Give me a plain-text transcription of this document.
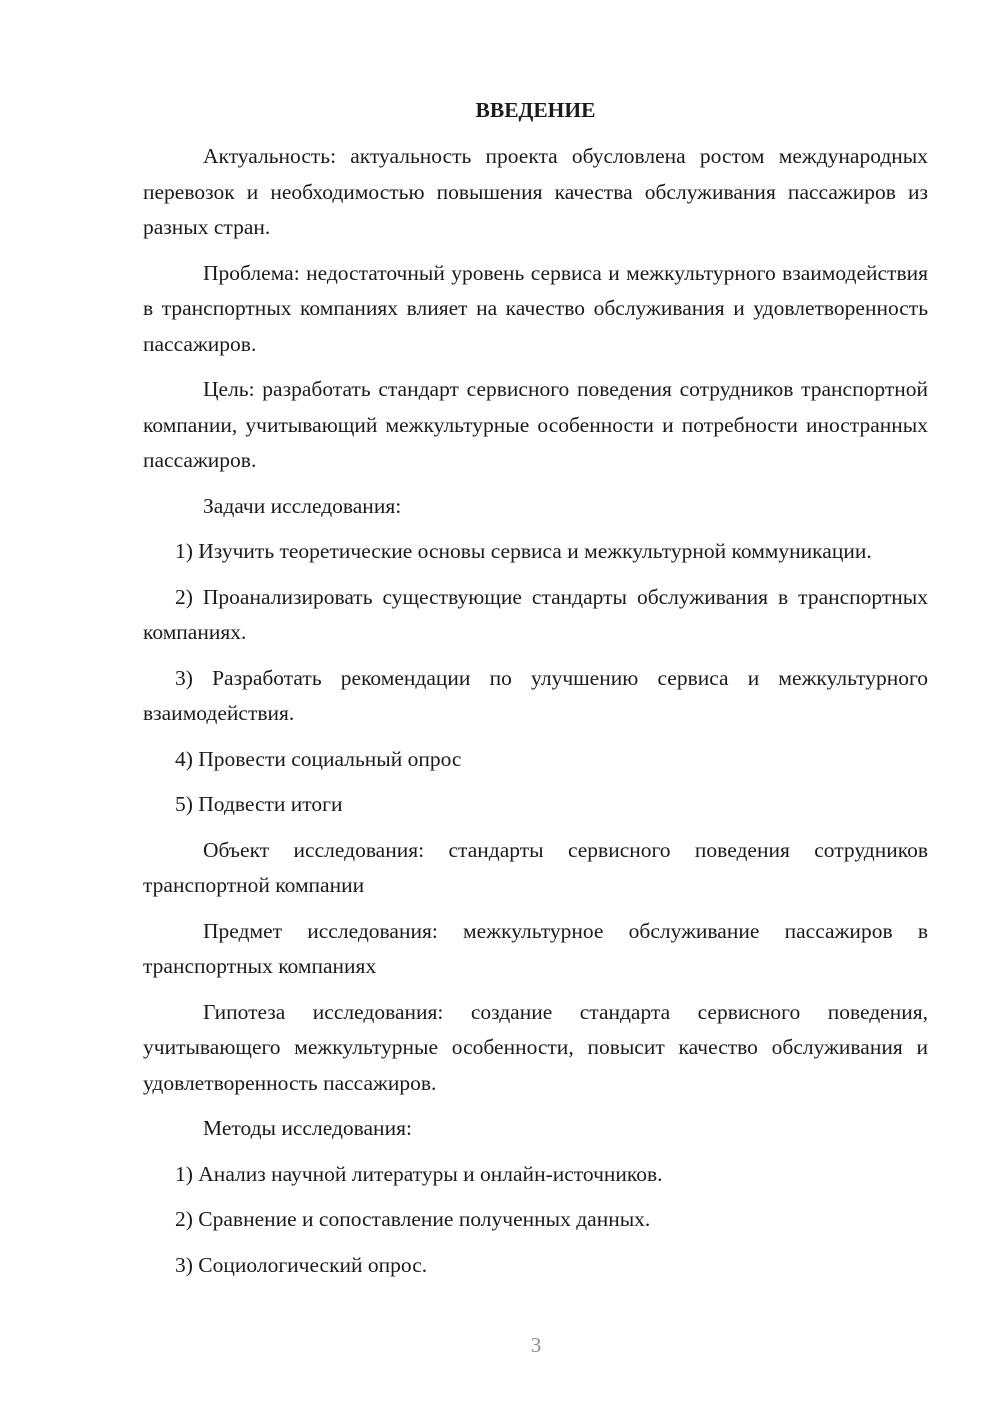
ВВЕДЕНИЕ

Актуальность: актуальность проекта обусловлена ростом международных перевозок и необходимостью повышения качества обслуживания пассажиров из разных стран.

Проблема: недостаточный уровень сервиса и межкультурного взаимодействия в транспортных компаниях влияет на качество обслуживания и удовлетворенность пассажиров.

Цель: разработать стандарт сервисного поведения сотрудников транспортной компании, учитывающий межкультурные особенности и потребности иностранных пассажиров.

Задачи исследования:

1) Изучить теоретические основы сервиса и межкультурной коммуникации.

2) Проанализировать существующие стандарты обслуживания в транспортных компаниях.

3) Разработать рекомендации по улучшению сервиса и межкультурного взаимодействия.

4) Провести социальный опрос

5) Подвести итоги

Объект исследования: стандарты сервисного поведения сотрудников транспортной компании

Предмет исследования: межкультурное обслуживание пассажиров в транспортных компаниях

Гипотеза исследования: создание стандарта сервисного поведения, учитывающего межкультурные особенности, повысит качество обслуживания и удовлетворенность пассажиров.

Методы исследования:

1) Анализ научной литературы и онлайн-источников.

2) Сравнение и сопоставление полученных данных.

3) Социологический опрос.

3
